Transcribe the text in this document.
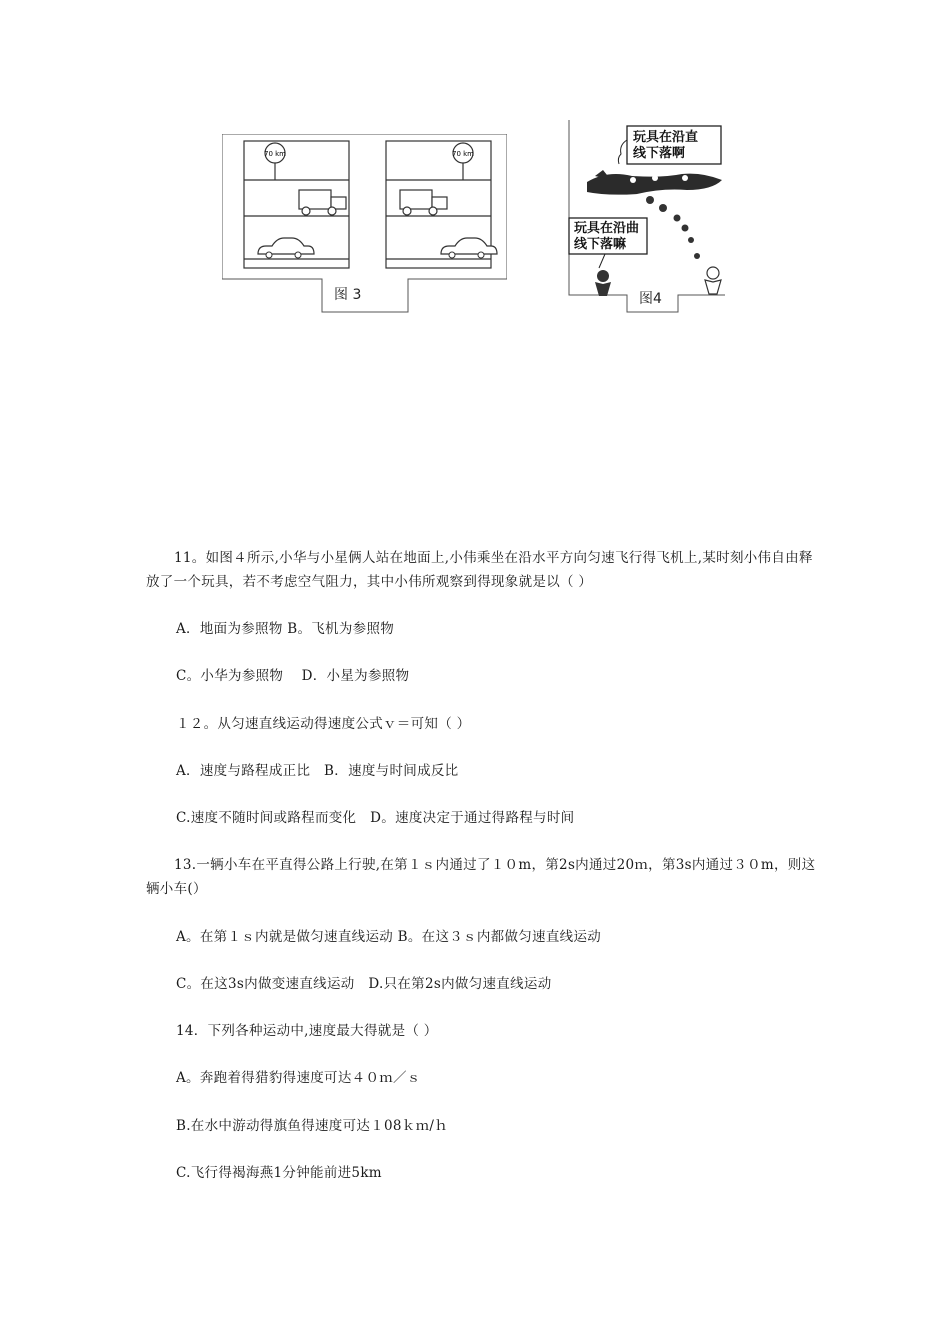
70 km	70 km
图 3
玩具在沿直
线下落啊
玩具在沿曲
线下落嘛
图4
11。如图４所示,小华与小星俩人站在地面上,小伟乘坐在沿水平方向匀速飞行得飞机上,某时刻小伟自由释放了一个玩具，若不考虑空气阻力，其中小伟所观察到得现象就是以（ ）
A．地面为参照物 B。飞机为参照物
C。小华为参照物　 D．小星为参照物
１２。从匀速直线运动得速度公式ｖ＝可知（ ）
A．速度与路程成正比　B．速度与时间成反比
C.速度不随时间或路程而变化　D。速度决定于通过得路程与时间
13.一辆小车在平直得公路上行驶,在第１ｓ内通过了１０m，第2s内通过20ｍ，第3s内通过３０m，则这辆小车(）
A。在第１ｓ内就是做匀速直线运动 B。在这３ｓ内都做匀速直线运动
C。在这3s内做变速直线运动　D.只在第2s内做匀速直线运动
14．下列各种运动中,速度最大得就是（ ）
A。奔跑着得猎豹得速度可达４０ｍ／ｓ
B.在水中游动得旗鱼得速度可达１08ｋｍ/ｈ
C.飞行得褐海燕1分钟能前进5km
